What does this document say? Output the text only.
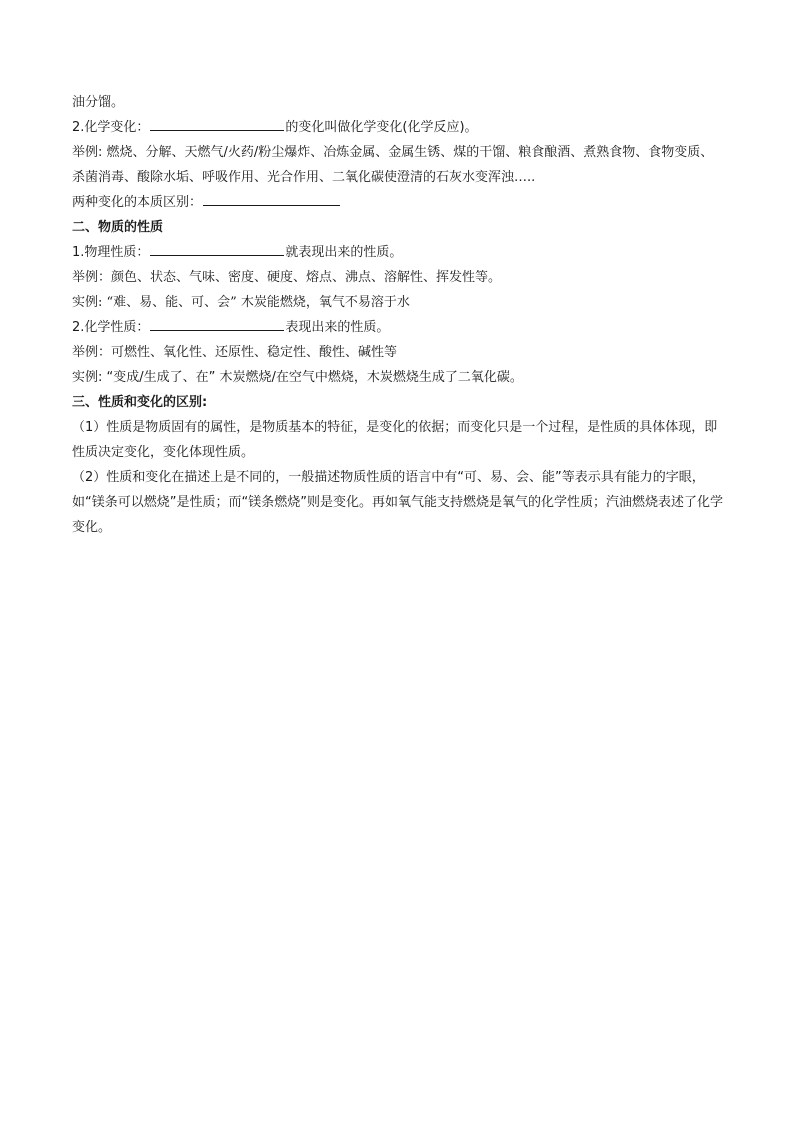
油分馏。
2.化学变化：	的变化叫做化学变化(化学反应)。
举例: 燃烧、分解、天燃气/火药/粉尘爆炸、冶炼金属、金属生锈、煤的干馏、粮食酿酒、煮熟食物、食物变质、杀菌消毒、酸除水垢、呼吸作用、光合作用、二氧化碳使澄清的石灰水变浑浊…..
两种变化的本质区别：
二、物质的性质
1.物理性质：	就表现出来的性质。
举例：颜色、状态、气味、密度、硬度、熔点、沸点、溶解性、挥发性等。
实例: “难、易、能、可、会” 木炭能燃烧，氧气不易溶于水
2.化学性质：	表现出来的性质。
举例：可燃性、氧化性、还原性、稳定性、酸性、碱性等
实例: “变成/生成了、在” 木炭燃烧/在空气中燃烧，木炭燃烧生成了二氧化碳。
三、性质和变化的区别:
（1）性质是物质固有的属性，是物质基本的特征，是变化的依据；而变化只是一个过程，是性质的具体体现，即性质决定变化，变化体现性质。
（2）性质和变化在描述上是不同的，一般描述物质性质的语言中有“可、易、会、能”等表示具有能力的字眼，如“镁条可以燃烧”是性质；而“镁条燃烧”则是变化。再如氧气能支持燃烧是氧气的化学性质；汽油燃烧表述了化学变化。
